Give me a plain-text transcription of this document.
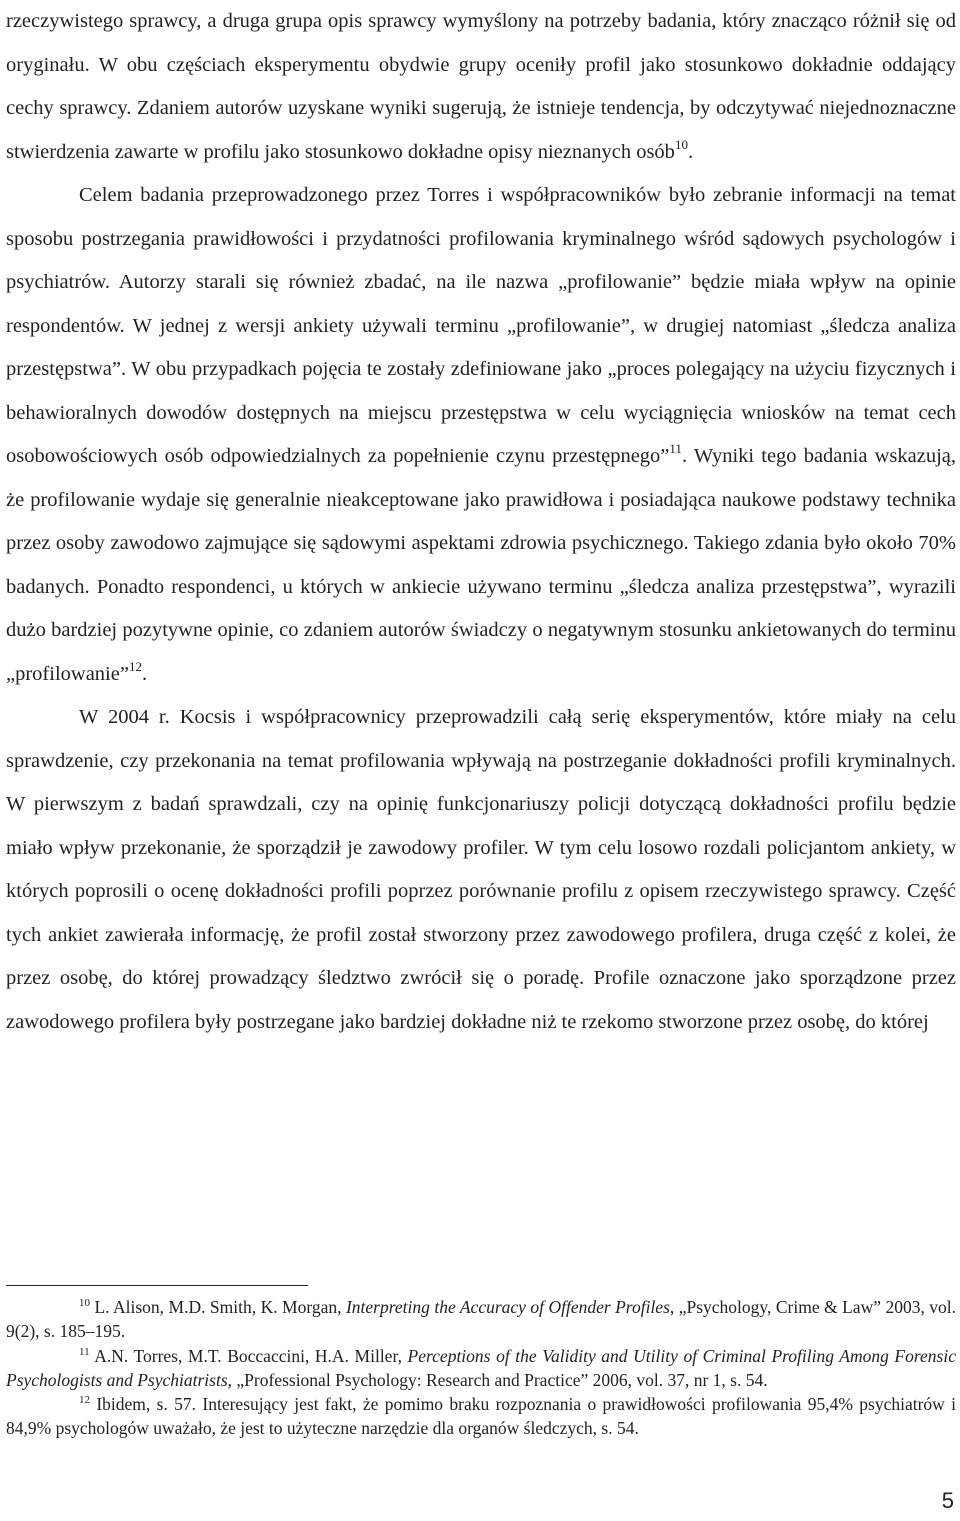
rzeczywistego sprawcy, a druga grupa opis sprawcy wymyślony na potrzeby badania, który znacząco różnił się od oryginału. W obu częściach eksperymentu obydwie grupy oceniły profil jako stosunkowo dokładnie oddający cechy sprawcy. Zdaniem autorów uzyskane wyniki sugerują, że istnieje tendencja, by odczytywać niejednoznaczne stwierdzenia zawarte w profilu jako stosunkowo dokładne opisy nieznanych osób$^{10}$.

Celem badania przeprowadzonego przez Torres i współpracowników było zebranie informacji na temat sposobu postrzegania prawidłowości i przydatności profilowania kryminalnego wśród sądowych psychologów i psychiatrów. Autorzy starali się również zbadać, na ile nazwa „profilowanie” będzie miała wpływ na opinie respondentów. W jednej z wersji ankiety używali terminu „profilowanie”, w drugiej natomiast „śledcza analiza przestępstwa”. W obu przypadkach pojęcia te zostały zdefiniowane jako „proces polegający na użyciu fizycznych i behawioralnych dowodów dostępnych na miejscu przestępstwa w celu wyciągnięcia wniosków na temat cech osobowościowych osób odpowiedzialnych za popełnienie czynu przestępnego”$^{11}$. Wyniki tego badania wskazują, że profilowanie wydaje się generalnie nieakceptowane jako prawidłowa i posiadająca naukowe podstawy technika przez osoby zawodowo zajmujące się sądowymi aspektami zdrowia psychicznego. Takiego zdania było około 70% badanych. Ponadto respondenci, u których w ankiecie używano terminu „śledcza analiza przestępstwa”, wyrazili dużo bardziej pozytywne opinie, co zdaniem autorów świadczy o negatywnym stosunku ankietowanych do terminu „profilowanie”$^{12}$.

W 2004 r. Kocsis i współpracownicy przeprowadzili całą serię eksperymentów, które miały na celu sprawdzenie, czy przekonania na temat profilowania wpływają na postrzeganie dokładności profili kryminalnych. W pierwszym z badań sprawdzali, czy na opinię funkcjonariuszy policji dotyczącą dokładności profilu będzie miało wpływ przekonanie, że sporządził je zawodowy profiler. W tym celu losowo rozdali policjantom ankiety, w których poprosili o ocenę dokładności profili poprzez porównanie profilu z opisem rzeczywistego sprawcy. Część tych ankiet zawierała informację, że profil został stworzony przez zawodowego profilera, druga część z kolei, że przez osobę, do której prowadzący śledztwo zwrócił się o poradę. Profile oznaczone jako sporządzone przez zawodowego profilera były postrzegane jako bardziej dokładne niż te rzekomo stworzone przez osobę, do której

$^{10}$ L. Alison, M.D. Smith, K. Morgan, Interpreting the Accuracy of Offender Profiles, „Psychology, Crime & Law” 2003, vol. 9(2), s. 185–195.

$^{11}$ A.N. Torres, M.T. Boccaccini, H.A. Miller, Perceptions of the Validity and Utility of Criminal Profiling Among Forensic Psychologists and Psychiatrists, „Professional Psychology: Research and Practice” 2006, vol. 37, nr 1, s. 54.

$^{12}$ Ibidem, s. 57. Interesujący jest fakt, że pomimo braku rozpoznania o prawidłowości profilowania 95,4% psychiatrów i 84,9% psychologów uważało, że jest to użyteczne narzędzie dla organów śledczych, s. 54.

5
